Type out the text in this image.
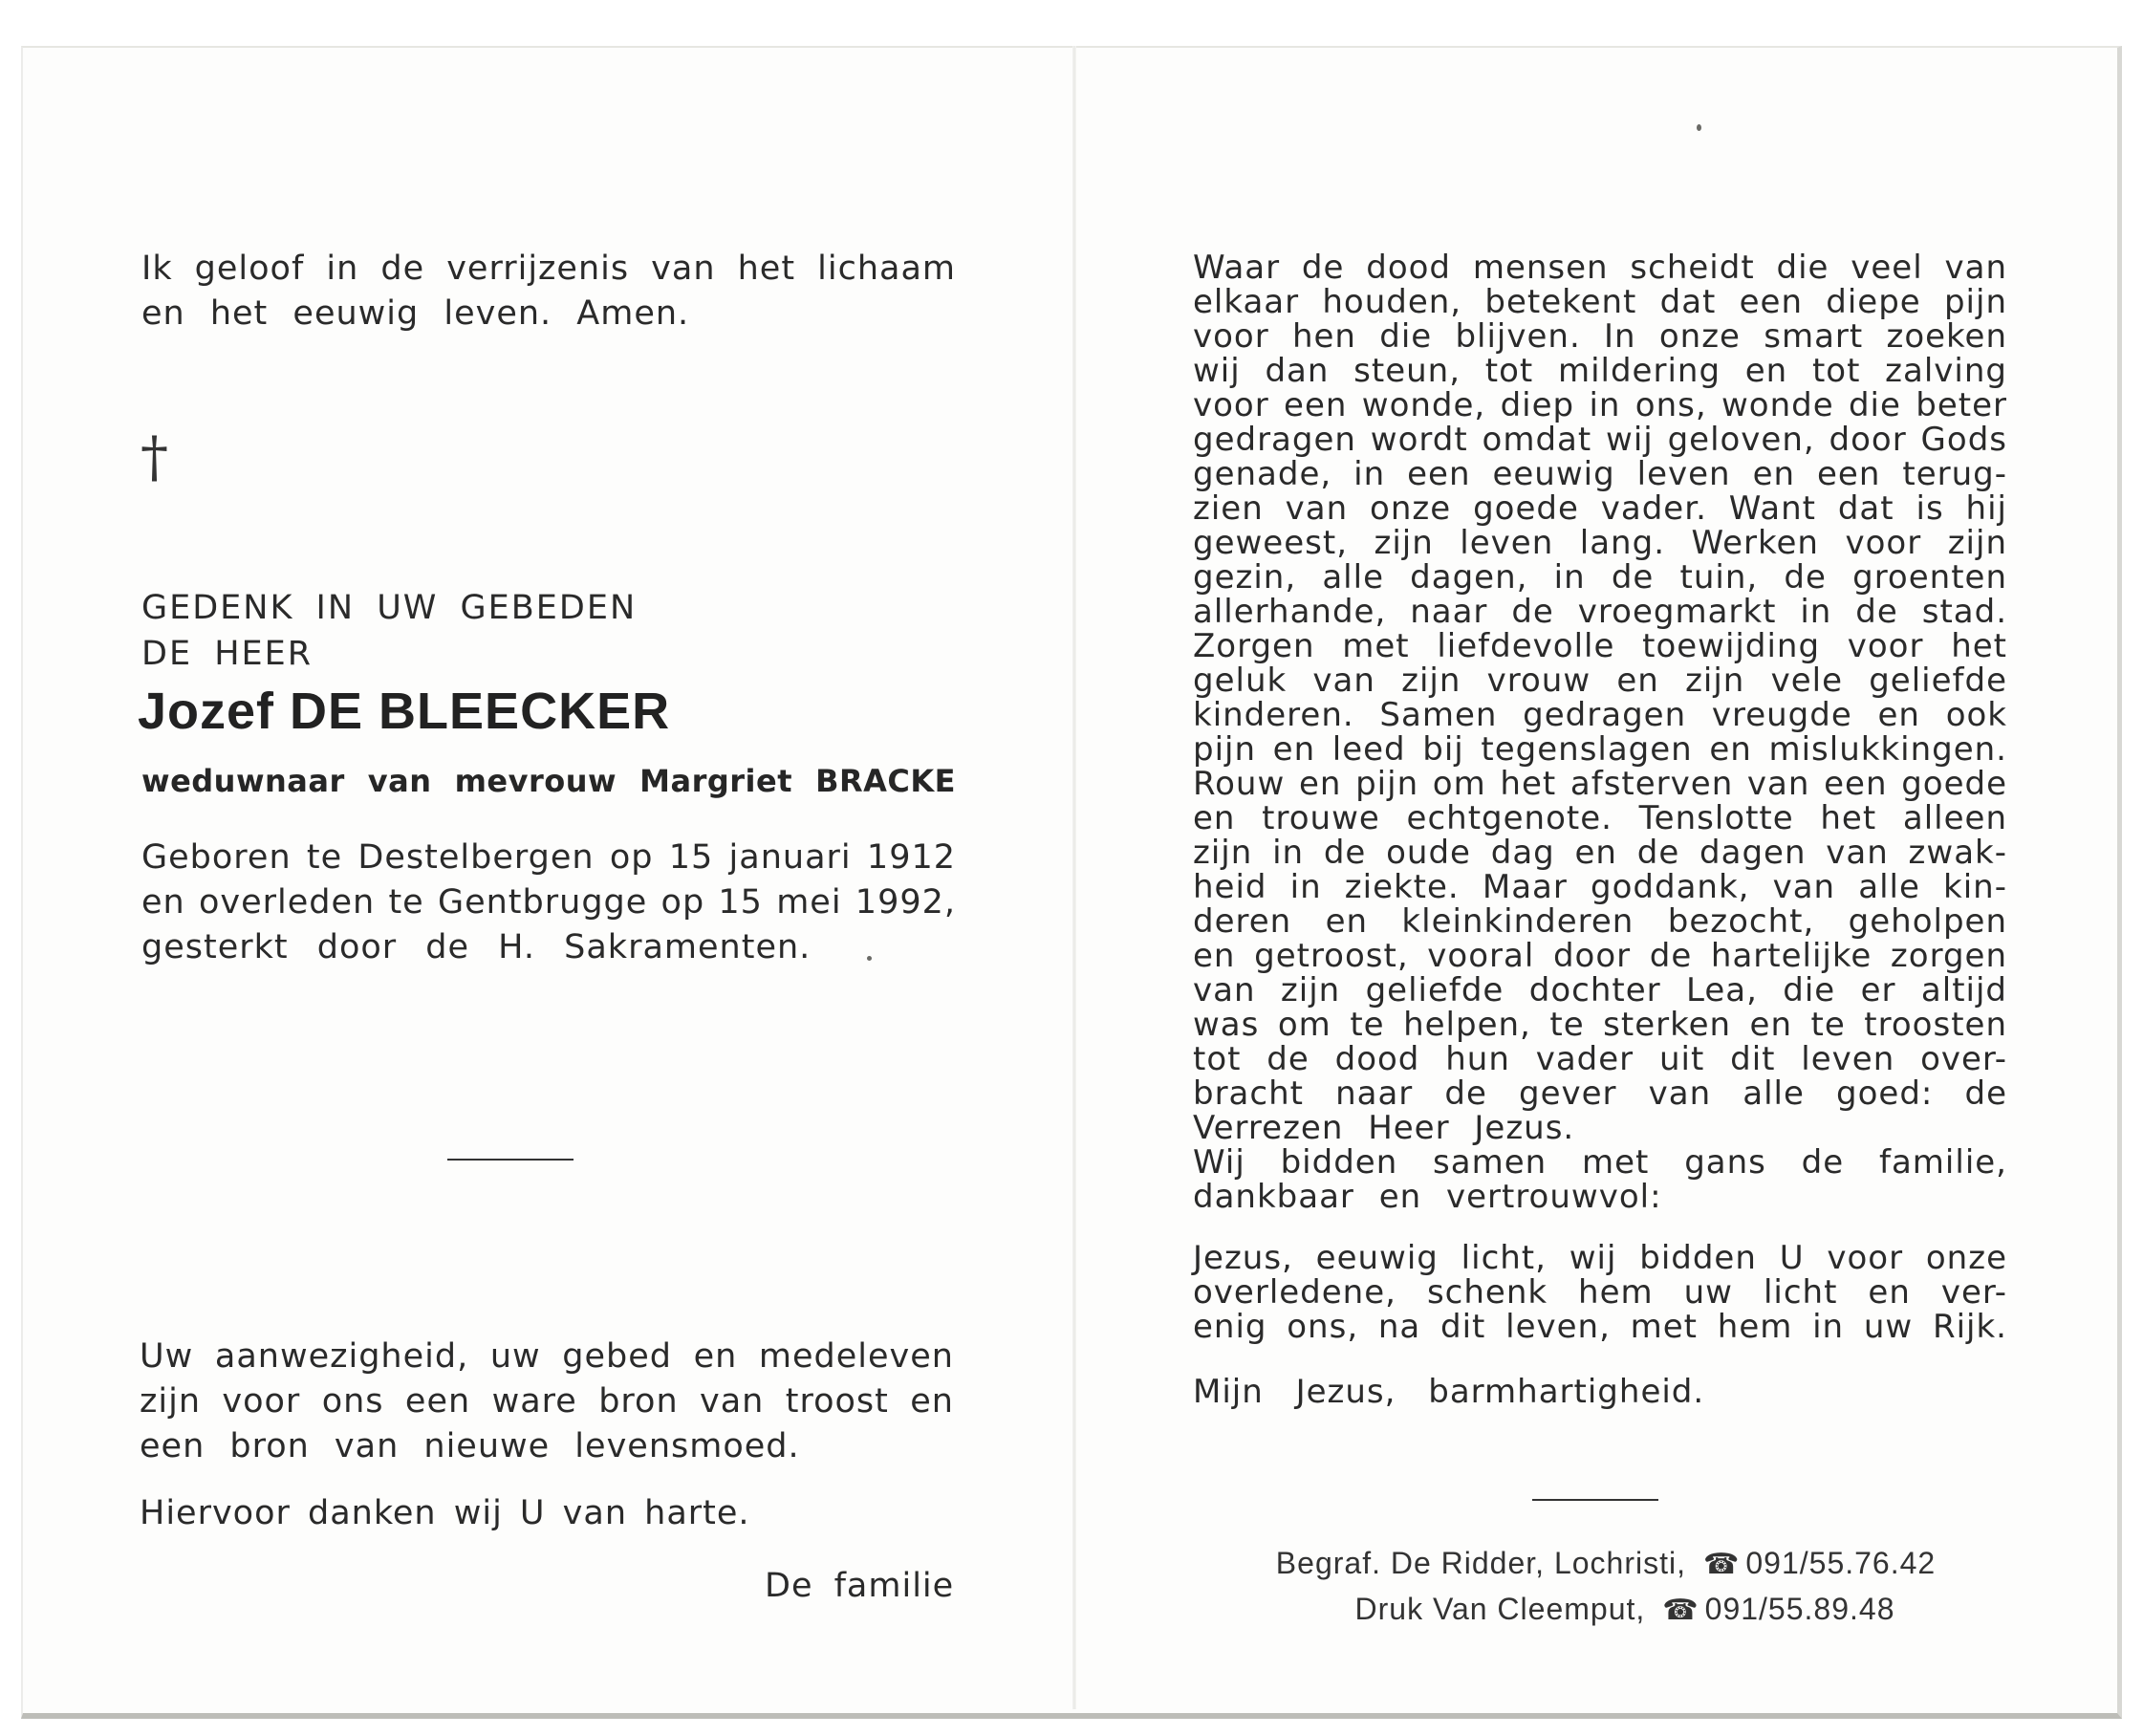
Ik geloof in de verrijzenis van het lichaam
en het eeuwig leven. Amen.
†
GEDENK IN UW GEBEDEN
DE HEER
Jozef DE BLEECKER
weduwnaar van mevrouw Margriet BRACKE
Geboren te Destelbergen op 15 januari 1912
en overleden te Gentbrugge op 15 mei 1992,
gesterkt door de H. Sakramenten.
Uw aanwezigheid, uw gebed en medeleven
zijn voor ons een ware bron van troost en
een bron van nieuwe levensmoed.
Hiervoor danken wij U van harte.
De familie
Waar de dood mensen scheidt die veel van
elkaar houden, betekent dat een diepe pijn
voor hen die blijven. In onze smart zoeken
wij dan steun, tot mildering en tot zalving
voor een wonde, diep in ons, wonde die beter
gedragen wordt omdat wij geloven, door Gods
genade, in een eeuwig leven en een terug-
zien van onze goede vader. Want dat is hij
geweest, zijn leven lang. Werken voor zijn
gezin, alle dagen, in de tuin, de groenten
allerhande, naar de vroegmarkt in de stad.
Zorgen met liefdevolle toewijding voor het
geluk van zijn vrouw en zijn vele geliefde
kinderen. Samen gedragen vreugde en ook
pijn en leed bij tegenslagen en mislukkingen.
Rouw en pijn om het afsterven van een goede
en trouwe echtgenote. Tenslotte het alleen
zijn in de oude dag en de dagen van zwak-
heid in ziekte. Maar goddank, van alle kin-
deren en kleinkinderen bezocht, geholpen
en getroost, vooral door de hartelijke zorgen
van zijn geliefde dochter Lea, die er altijd
was om te helpen, te sterken en te troosten
tot de dood hun vader uit dit leven over-
bracht naar de gever van alle goed: de
Verrezen Heer Jezus.
Wij bidden samen met gans de familie,
dankbaar en vertrouwvol:
Jezus, eeuwig licht, wij bidden U voor onze
overledene, schenk hem uw licht en ver-
enig ons, na dit leven, met hem in uw Rijk.
Mijn Jezus, barmhartigheid.
Begraf. De Ridder, Lochristi, ☎ 091/55.76.42
Druk Van Cleemput, ☎ 091/55.89.48
